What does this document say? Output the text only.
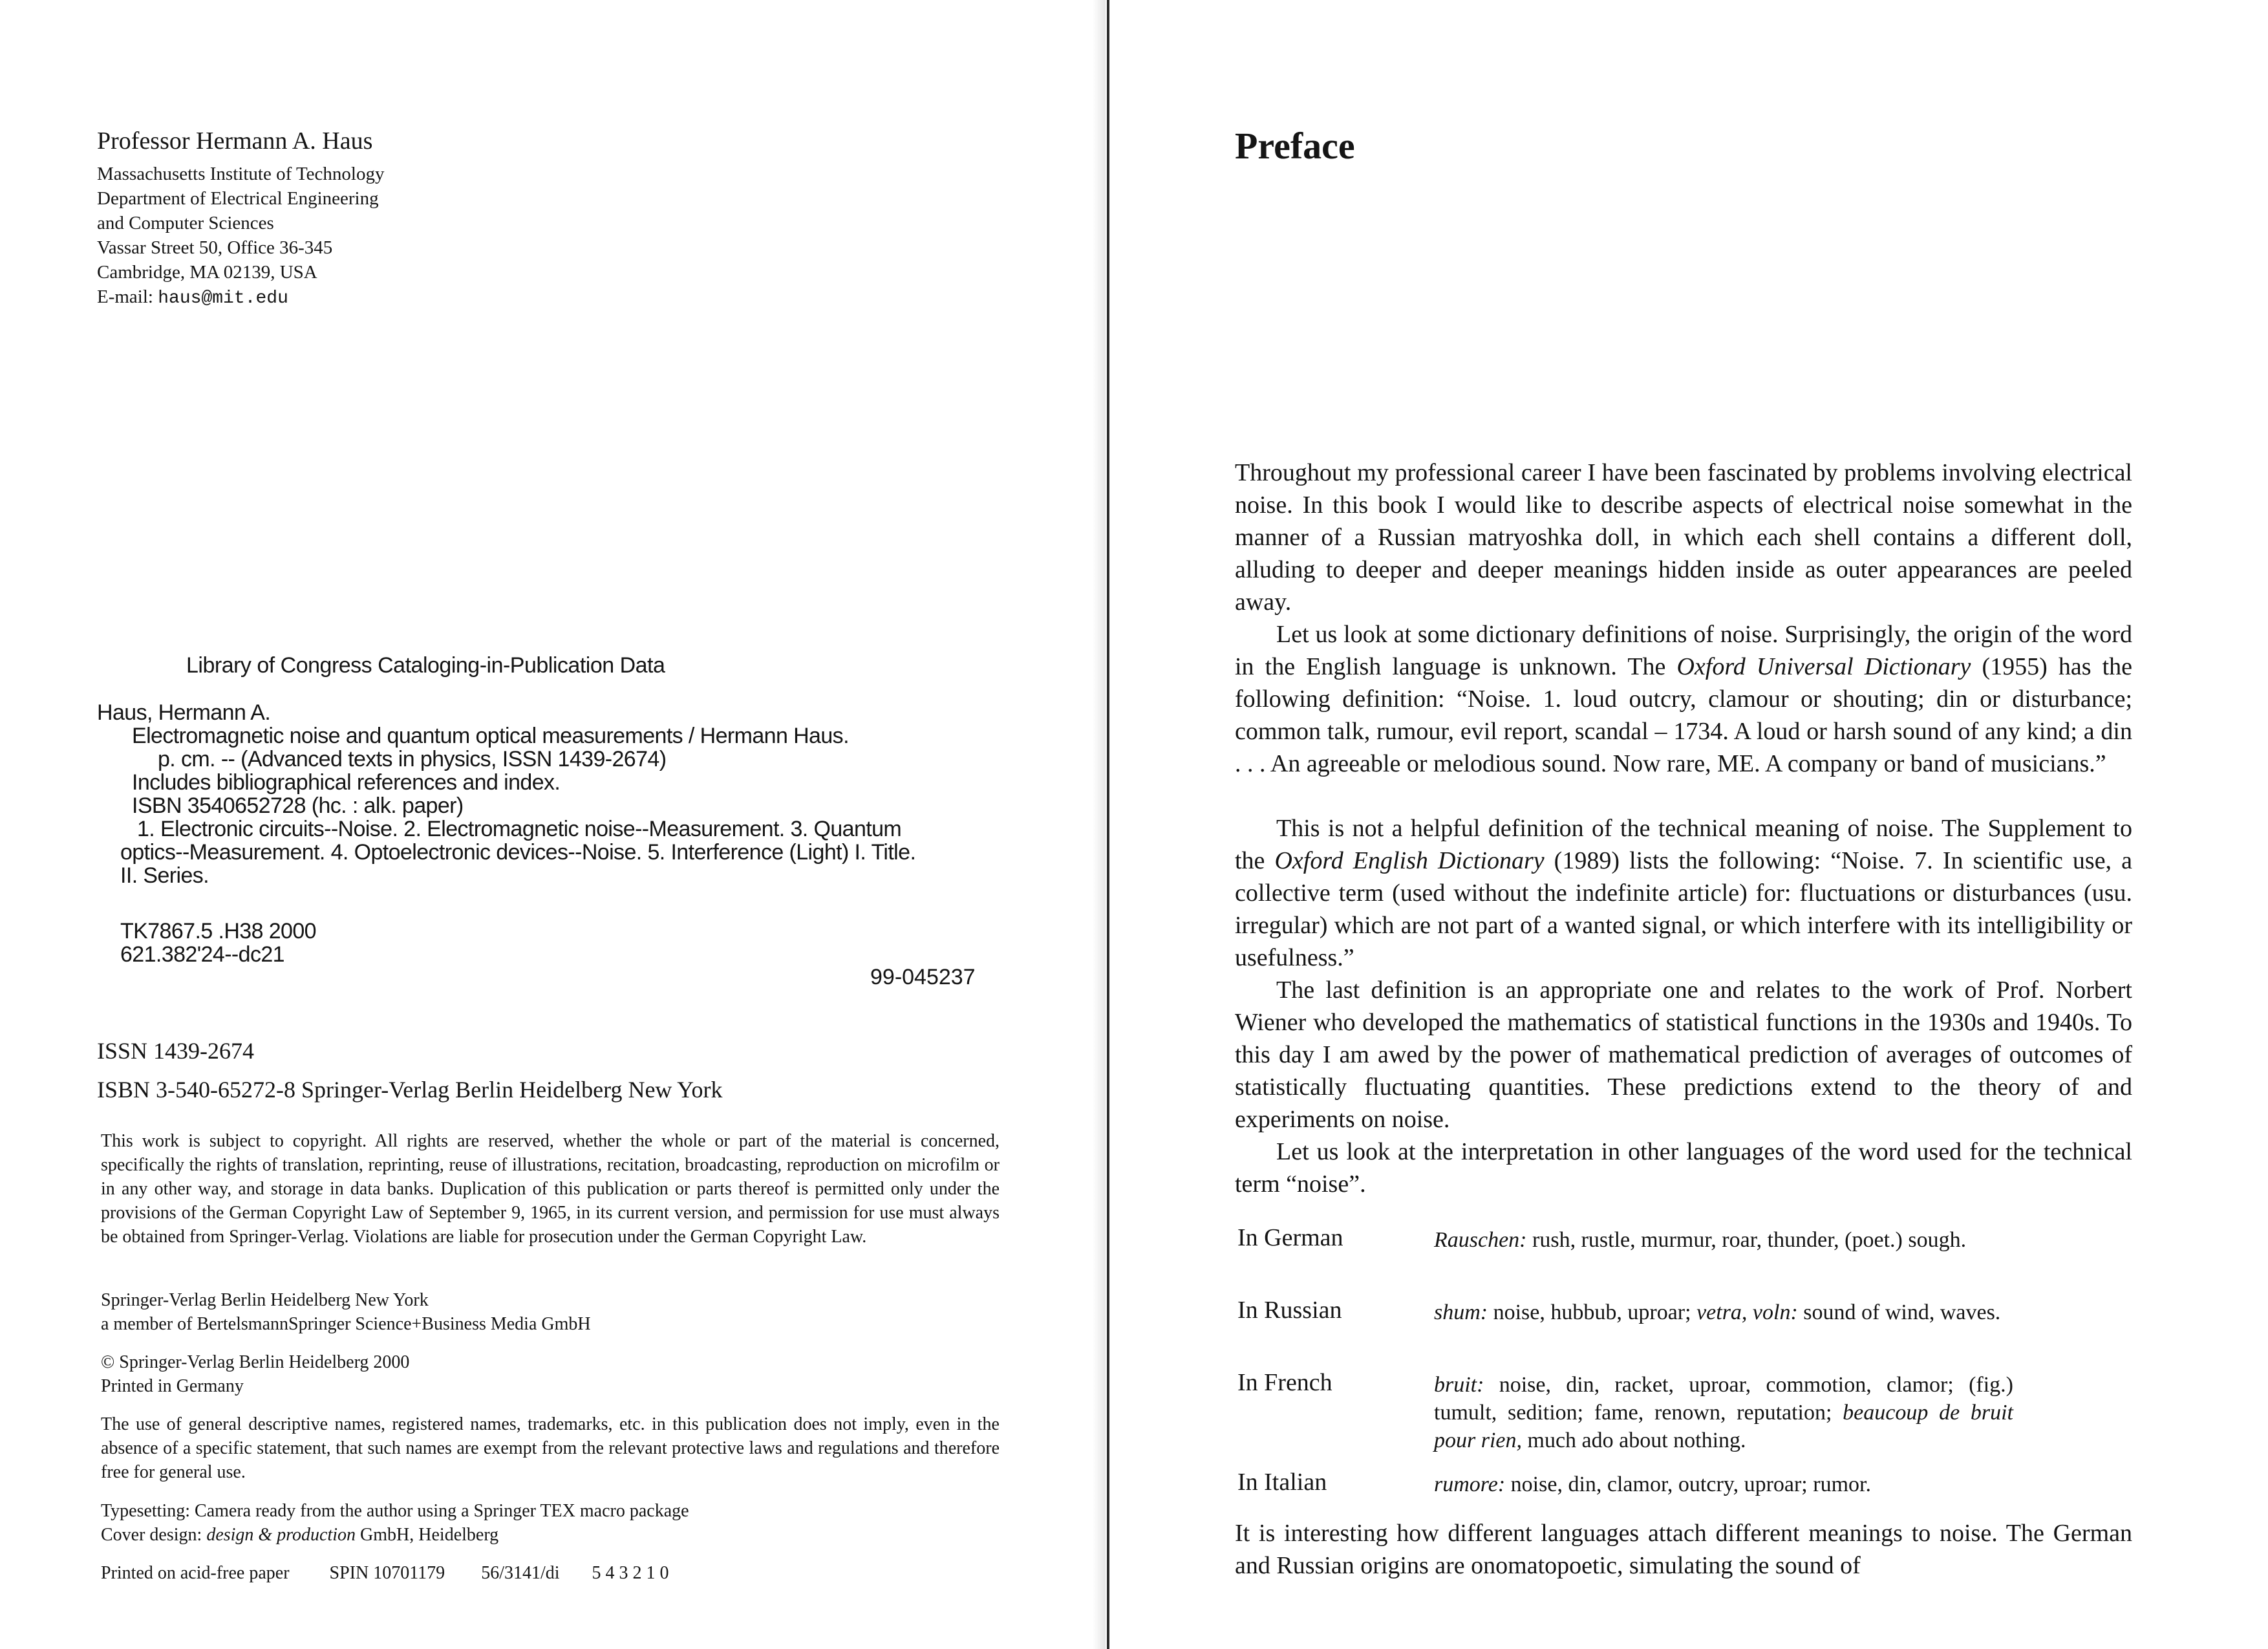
Professor Hermann A. Haus

Massachusetts Institute of Technology
Department of Electrical Engineering
and Computer Sciences
Vassar Street 50, Office 36-345
Cambridge, MA 02139, USA
E-mail: haus@mit.edu

Library of Congress Cataloging-in-Publication Data

Haus, Hermann A.

Electromagnetic noise and quantum optical measurements / Hermann Haus.

p. cm. -- (Advanced texts in physics, ISSN 1439-2674)

Includes bibliographical references and index.

ISBN 3540652728 (hc. : alk. paper)

1. Electronic circuits--Noise. 2. Electromagnetic noise--Measurement. 3. Quantum

optics--Measurement. 4. Optoelectronic devices--Noise. 5. Interference (Light) I. Title.

II. Series.

TK7867.5 .H38 2000

621.382'24--dc21

99-045237

ISSN 1439-2674

ISBN 3-540-65272-8 Springer-Verlag Berlin Heidelberg New York

This work is subject to copyright. All rights are reserved, whether the whole or part of the material is concerned, specifically the rights of translation, reprinting, reuse of illustrations, recitation, broadcasting, reproduction on microfilm or in any other way, and storage in data banks. Duplication of this publication or parts thereof is permitted only under the provisions of the German Copyright Law of September 9, 1965, in its current version, and permission for use must always be obtained from Springer-Verlag. Violations are liable for prosecution under the German Copyright Law.

Springer-Verlag Berlin Heidelberg New York
a member of BertelsmannSpringer Science+Business Media GmbH
© Springer-Verlag Berlin Heidelberg 2000
Printed in Germany

The use of general descriptive names, registered names, trademarks, etc. in this publication does not imply, even in the absence of a specific statement, that such names are exempt from the relevant protective laws and regulations and therefore free for general use.

Typesetting: Camera ready from the author using a Springer TEX macro package
Cover design: design & production GmbH, Heidelberg
Printed on acid-free paper SPIN 10701179 56/3141/di 5 4 3 2 1 0

Preface

Throughout my professional career I have been fascinated by problems involving electrical noise. In this book I would like to describe aspects of electrical noise somewhat in the manner of a Russian matryoshka doll, in which each shell contains a different doll, alluding to deeper and deeper meanings hidden inside as outer appearances are peeled away.

Let us look at some dictionary definitions of noise. Surprisingly, the origin of the word in the English language is unknown. The Oxford Universal Dictionary (1955) has the following definition: “Noise. 1. loud outcry, clamour or shouting; din or disturbance; common talk, rumour, evil report, scandal – 1734. A loud or harsh sound of any kind; a din . . . An agreeable or melodious sound. Now rare, ME. A company or band of musicians.”

This is not a helpful definition of the technical meaning of noise. The Supplement to the Oxford English Dictionary (1989) lists the following: “Noise. 7. In scientific use, a collective term (used without the indefinite article) for: fluctuations or disturbances (usu. irregular) which are not part of a wanted signal, or which interfere with its intelligibility or usefulness.”

The last definition is an appropriate one and relates to the work of Prof. Norbert Wiener who developed the mathematics of statistical functions in the 1930s and 1940s. To this day I am awed by the power of mathematical prediction of averages of outcomes of statistically fluctuating quantities. These predictions extend to the theory of and experiments on noise.

Let us look at the interpretation in other languages of the word used for the technical term “noise”.

In German	Rauschen: rush, rustle, murmur, roar, thunder, (poet.) sough.

In Russian	shum: noise, hubbub, uproar; vetra, voln: sound of wind, waves.

In French	bruit: noise, din, racket, uproar, commotion, clamor; (fig.) tumult, sedition; fame, renown, reputation; beaucoup de bruit pour rien, much ado about nothing.

In Italian	rumore: noise, din, clamor, outcry, uproar; rumor.

It is interesting how different languages attach different meanings to noise. The German and Russian origins are onomatopoetic, simulating the sound of
